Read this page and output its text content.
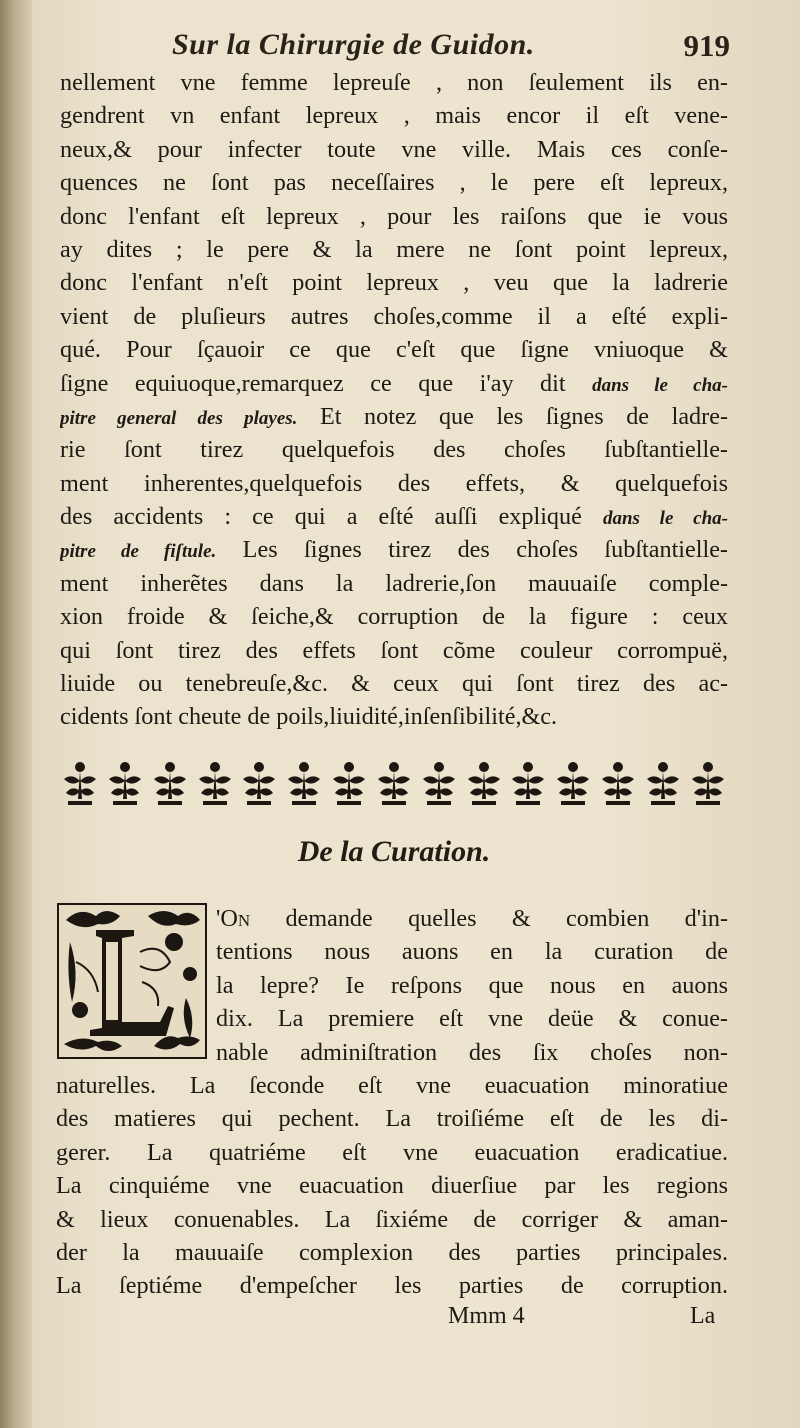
Sur la Chirurgie de Guidon.	919
nellement vne femme lepreuſe , non ſeulement ils en-
gendrent vn enfant lepreux , mais encor il eſt vene-
neux,& pour infecter toute vne ville. Mais ces conſe-
quences ne ſont pas neceſſaires , le pere eſt lepreux,
donc l'enfant eſt lepreux , pour les raiſons que ie vous
ay dites ; le pere & la mere ne ſont point lepreux,
donc l'enfant n'eſt point lepreux , veu que la ladrerie
vient de pluſieurs autres choſes,comme il a eſté expli-
qué. Pour ſçauoir ce que c'eſt que ſigne vniuoque &
ſigne equiuoque,remarquez ce que i'ay dit dans le cha-
pitre general des playes. Et notez que les ſignes de ladre-
rie ſont tirez quelquefois des choſes ſubſtantielle-
ment inherentes,quelquefois des effets, & quelquefois
des accidents : ce qui a eſté auſſi expliqué dans le cha-
pitre de fiſtule. Les ſignes tirez des choſes ſubſtantielle-
ment inherẽtes dans la ladrerie,ſon mauuaiſe comple-
xion froide & ſeiche,& corruption de la figure : ceux
qui ſont tirez des effets ſont cõme couleur corrompuë,
liuide ou tenebreuſe,&c. & ceux qui ſont tirez des ac-
cidents ſont cheute de poils,liuidité,inſenſibilité,&c.
De la Curation.
'On demande quelles & combien d'in-
tentions nous auons en la curation de
la lepre? Ie reſpons que nous en auons
dix. La premiere eſt vne deüe & conue-
nable adminiſtration des ſix choſes non-
naturelles. La ſeconde eſt vne euacuation minoratiue
des matieres qui pechent. La troiſiéme eſt de les di-
gerer. La quatriéme eſt vne euacuation eradicatiue.
La cinquiéme vne euacuation diuerſiue par les regions
& lieux conuenables. La ſixiéme de corriger & aman-
der la mauuaiſe complexion des parties principales.
La ſeptiéme d'empeſcher les parties de corruption.
Mmm 4	La
